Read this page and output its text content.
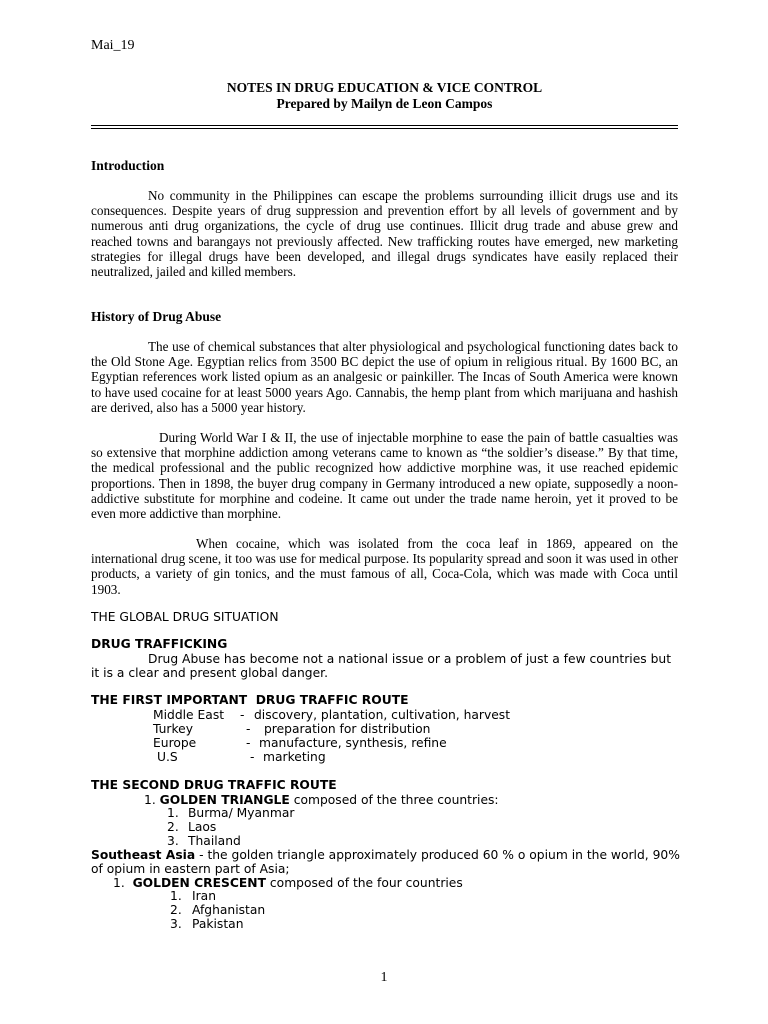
Mai_19
NOTES IN DRUG EDUCATION & VICE CONTROL
Prepared by Mailyn de Leon Campos
Introduction
No community in the Philippines can escape the problems surrounding illicit drugs use and its consequences. Despite years of drug suppression and prevention effort by all levels of government and by numerous anti drug organizations, the cycle of drug use continues. Illicit drug trade and abuse grew and reached towns and barangays not previously affected. New trafficking routes have emerged, new marketing strategies for illegal drugs have been developed, and illegal drugs syndicates have easily replaced their neutralized, jailed and killed members.
History of Drug Abuse
The use of chemical substances that alter physiological and psychological functioning dates back to the Old Stone Age. Egyptian relics from 3500 BC depict the use of opium in religious ritual. By 1600 BC, an Egyptian references work listed opium as an analgesic or painkiller. The Incas of South America were known to have used cocaine for at least 5000 years Ago. Cannabis, the hemp plant from which marijuana and hashish are derived, also has a 5000 year history.
During World War I & II, the use of injectable morphine to ease the pain of battle casualties was so extensive that morphine addiction among veterans came to known as “the soldier’s disease.” By that time, the medical professional and the public recognized how addictive morphine was, it use reached epidemic proportions. Then in 1898, the buyer drug company in Germany introduced a new opiate, supposedly a noon-addictive substitute for morphine and codeine. It came out under the trade name heroin, yet it proved to be even more addictive than morphine.
When cocaine, which was isolated from the coca leaf in 1869, appeared on the international drug scene, it too was use for medical purpose. Its popularity spread and soon it was used in other products, a variety of gin tonics, and the must famous of all, Coca-Cola, which was made with Coca until 1903.
THE GLOBAL DRUG SITUATION
DRUG TRAFFICKING
Drug Abuse has become not a national issue or a problem of just a few countries but it is a clear and present global danger.
THE FIRST IMPORTANT  DRUG TRAFFIC ROUTE
Middle East - discovery, plantation, cultivation, harvest
Turkey	- preparation for distribution
Europe	- manufacture, synthesis, refine
U.S	- marketing
THE SECOND DRUG TRAFFIC ROUTE
1. GOLDEN TRIANGLE composed of the three countries:
1. Burma/ Myanmar
2. Laos
3. Thailand
Southeast Asia - the golden triangle approximately produced 60 % o opium in the world, 90% of opium in eastern part of Asia;
1. GOLDEN CRESCENT composed of the four countries
1. Iran
2. Afghanistan
3. Pakistan
1
